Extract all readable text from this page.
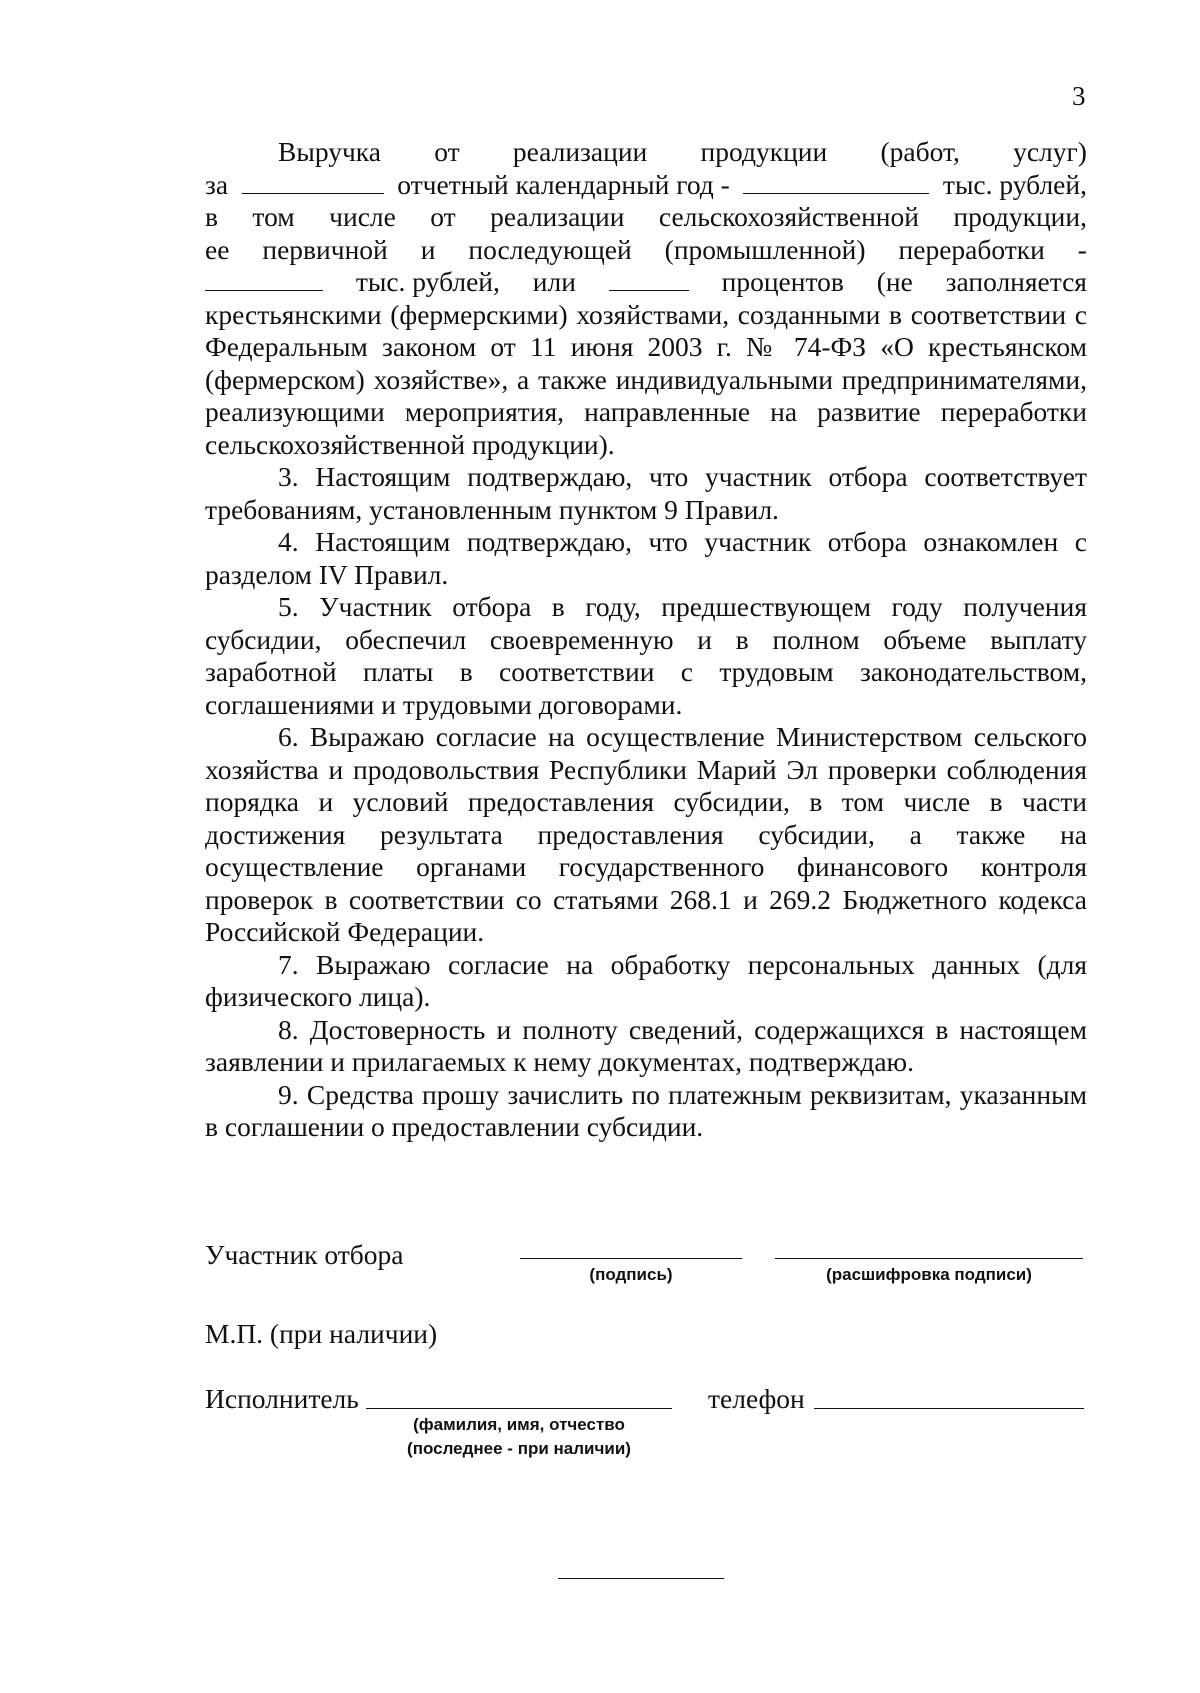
3
Выручка от реализации продукции (работ, услуг)
за	отчетный календарный год -	тыс. рублей,
в том числе от реализации сельскохозяйственной продукции,
ее первичной и последующей (промышленной) переработки -
тыс. рублей, или	процентов (не заполняется

крестьянскими (фермерскими) хозяйствами, созданными в соответствии с Федеральным законом от 11 июня 2003 г. № 74-ФЗ «О крестьянском (фермерском) хозяйстве», а также индивидуальными предпринимателями, реализующими мероприятия, направленные на развитие переработки сельскохозяйственной продукции).

3. Настоящим подтверждаю, что участник отбора соответствует требованиям, установленным пунктом 9 Правил.

4. Настоящим подтверждаю, что участник отбора ознакомлен с разделом IV Правил.

5. Участник отбора в году, предшествующем году получения субсидии, обеспечил своевременную и в полном объеме выплату заработной платы в соответствии с трудовым законодательством, соглашениями и трудовыми договорами.

6. Выражаю согласие на осуществление Министерством сельского хозяйства и продовольствия Республики Марий Эл проверки соблюдения порядка и условий предоставления субсидии, в том числе в части достижения результата предоставления субсидии, а также на осуществление органами государственного финансового контроля проверок в соответствии со статьями 268.1 и 269.2 Бюджетного кодекса Российской Федерации.

7. Выражаю согласие на обработку персональных данных (для физического лица).

8. Достоверность и полноту сведений, содержащихся в настоящем заявлении и прилагаемых к нему документах, подтверждаю.

9. Средства прошу зачислить по платежным реквизитам, указанным в соглашении о предоставлении субсидии.

Участник отбора
(подпись)	(расшифровка подписи)
М.П. (при наличии)
Исполнитель
(фамилия, имя, отчество
(последнее - при наличии)
телефон
